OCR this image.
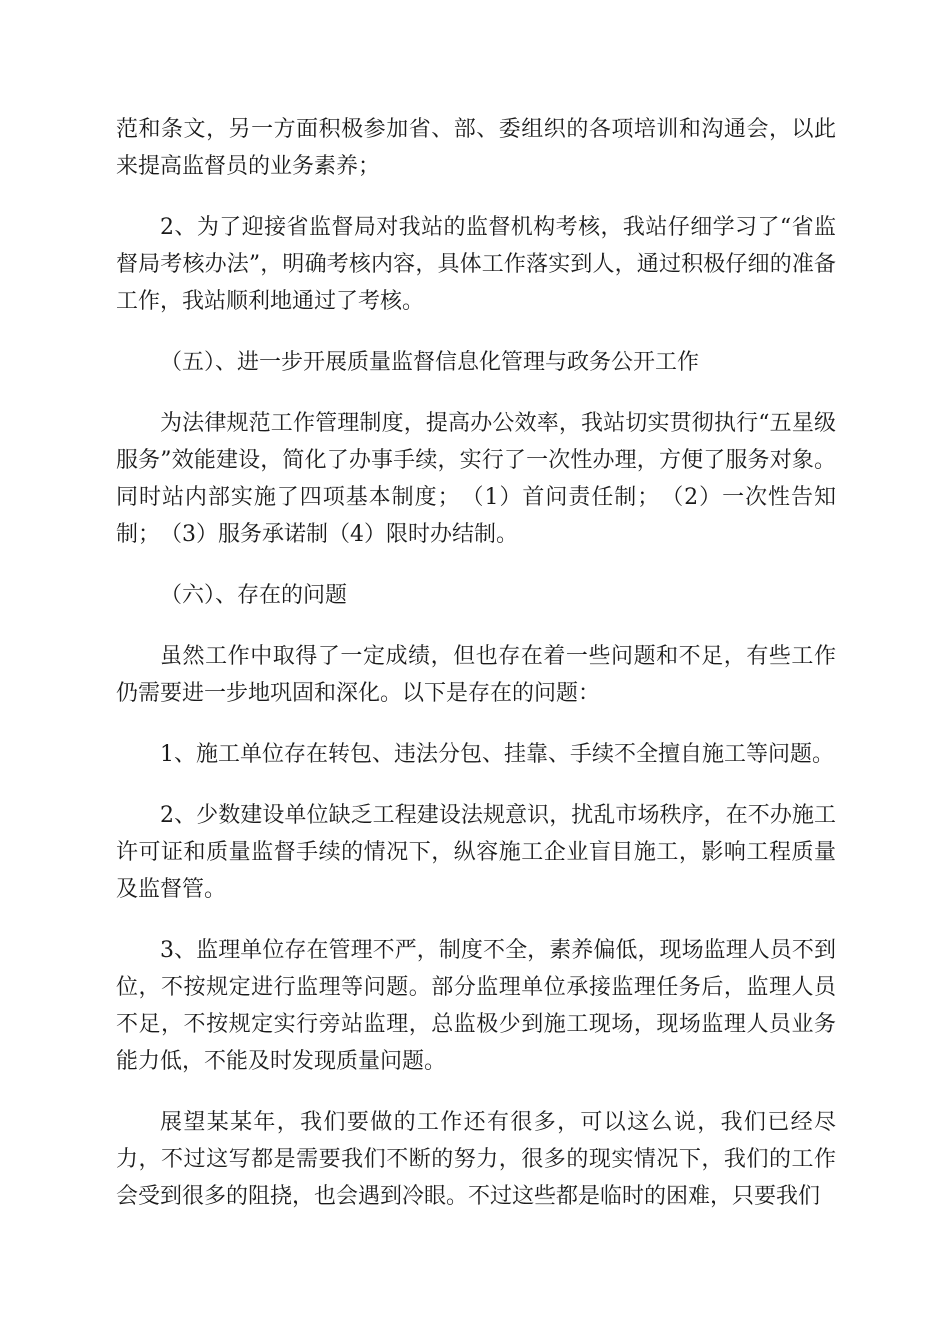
范和条文，另一方面积极参加省、部、委组织的各项培训和沟通会，以此来提高监督员的业务素养；

2、为了迎接省监督局对我站的监督机构考核，我站仔细学习了“省监督局考核办法”，明确考核内容，具体工作落实到人，通过积极仔细的准备工作，我站顺利地通过了考核。

（五）、进一步开展质量监督信息化管理与政务公开工作

为法律规范工作管理制度，提高办公效率，我站切实贯彻执行“五星级服务”效能建设，简化了办事手续，实行了一次性办理，方便了服务对象。同时站内部实施了四项基本制度；　（1）首问责任制；　（2）一次性告知制；　（3）服务承诺制（4）限时办结制。

（六）、存在的问题

虽然工作中取得了一定成绩，但也存在着一些问题和不足，有些工作仍需要进一步地巩固和深化。以下是存在的问题：

1、施工单位存在转包、违法分包、挂靠、手续不全擅自施工等问题。

2、少数建设单位缺乏工程建设法规意识，扰乱市场秩序，在不办施工许可证和质量监督手续的情况下，纵容施工企业盲目施工，影响工程质量及监督管。

3、监理单位存在管理不严，制度不全，素养偏低，现场监理人员不到位，不按规定进行监理等问题。部分监理单位承接监理任务后，监理人员不足，不按规定实行旁站监理，总监极少到施工现场，现场监理人员业务能力低，不能及时发现质量问题。

展望某某年，我们要做的工作还有很多，可以这么说，我们已经尽力，不过这写都是需要我们不断的努力，很多的现实情况下，我们的工作会受到很多的阻挠，也会遇到冷眼。不过这些都是临时的困难，只要我们
